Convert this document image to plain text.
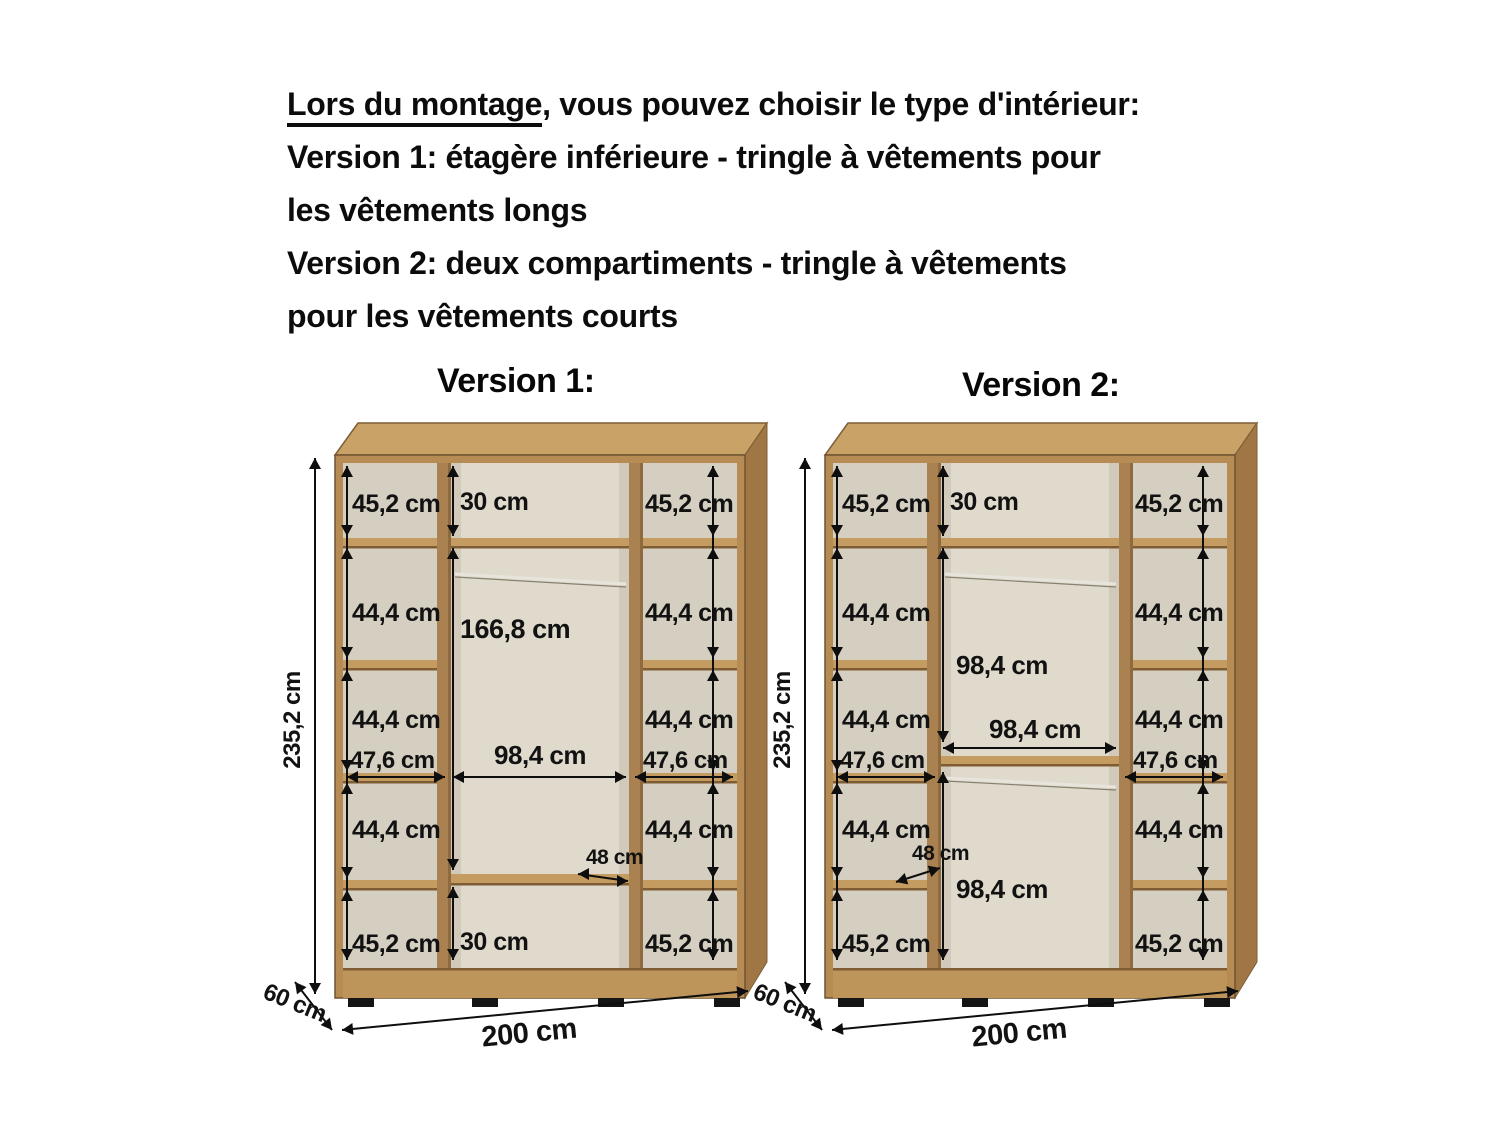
Lors du montage, vous pouvez choisir le type d'intérieur:
Version 1: étagère inférieure - tringle à vêtements pour
les vêtements longs
Version 2: deux compartiments - tringle à vêtements
pour les vêtements courts
Version 1:	Version 2:
235,2 cm
45,2 cm
44,4 cm
44,4 cm
47,6 cm
44,4 cm
45,2 cm
45,2 cm
44,4 cm
44,4 cm
47,6 cm
44,4 cm
45,2 cm
30 cm
166,8 cm
98,4 cm
48 cm
30 cm
200 cm
60 cm
235,2 cm
45,2 cm
44,4 cm
44,4 cm
47,6 cm
44,4 cm
45,2 cm
45,2 cm
44,4 cm
44,4 cm
47,6 cm
44,4 cm
45,2 cm
30 cm
98,4 cm
98,4 cm
48 cm
98,4 cm
200 cm
60 cm
